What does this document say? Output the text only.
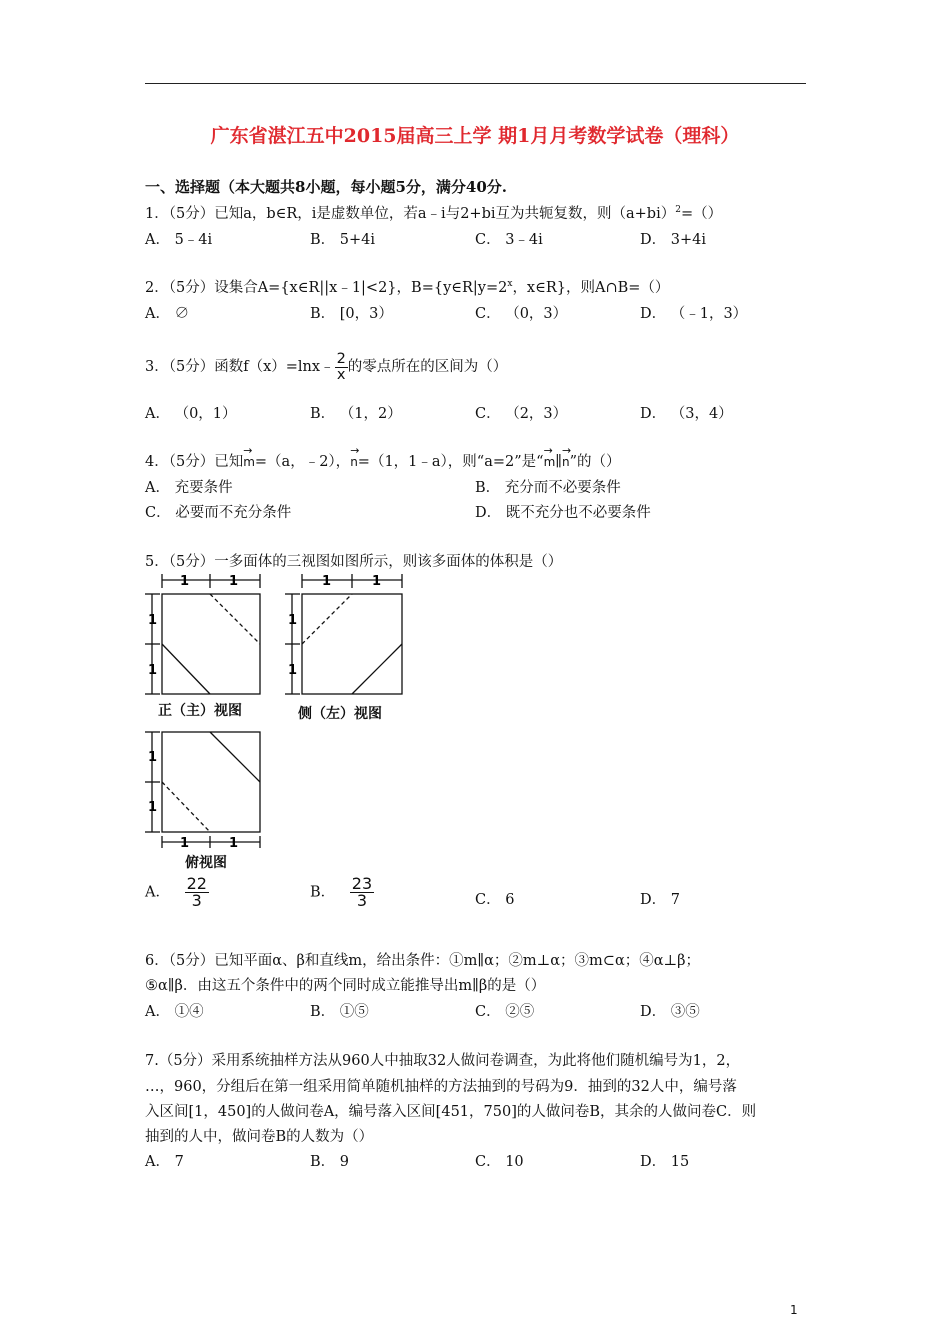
广东省湛江五中2015届高三上学 期1月月考数学试卷（理科）
一、选择题（本大题共8小题，每小题5分，满分40分.
1．（5分）已知a，b∈R，i是虚数单位，若a﹣i与2+bi互为共轭复数，则$(a+bi)^2=()$
A． 5﹣4i	B． 5+4i	C． 3﹣4i	D． 3+4i
2．（5分）设集合A={x∈R||x﹣1|<2}，$B=\{y\in R|y=2^x$，x∈R}，则A∩B=（）
A． ∅	B． [0，3）	C． （0，3）	D． （﹣1，3）
3．（5分）函数f（x）=lnx﹣ $\frac{2}{x}$ 的零点所在的区间为（）
A． （0，1）	B． （1，2）	C． （2，3）	D． （3，4）
4．（5分）已知→ m=（a，﹣2），→ n=（1，1﹣a），则“a=2”是“→ m∥→ n”的（）
A． 充要条件	B． 充分而不必要条件
C． 必要而不充分条件	D． 既不充分也不必要条件
5．（5分）一多面体的三视图如图所示，则该多面体的体积是（）
1	1
1
1
正（主）视图
1	1
1
1
侧（左）视图
1
1
1	1
俯视图
A． $\frac{22}{3}$	B． $\frac{23}{3}$	C． 6	D． 7
6．（5分）已知平面α、β和直线m，给出条件：①m∥α；②m⊥α；③m⊂α；④α⊥β；
⑤α∥β．由这五个条件中的两个同时成立能推导出m∥β的是（）
A． ①④	B． ①⑤	C． ②⑤	D． ③⑤
7.（5分）采用系统抽样方法从960人中抽取32人做问卷调查，为此将他们随机编号为1，2，
…，960，分组后在第一组采用简单随机抽样的方法抽到的号码为9．抽到的32人中，编号落
入区间[1，450]的人做问卷A，编号落入区间[451，750]的人做问卷B，其余的人做问卷C．则
抽到的人中，做问卷B的人数为（）
A． 7	B． 9	C． 10	D． 15
1
